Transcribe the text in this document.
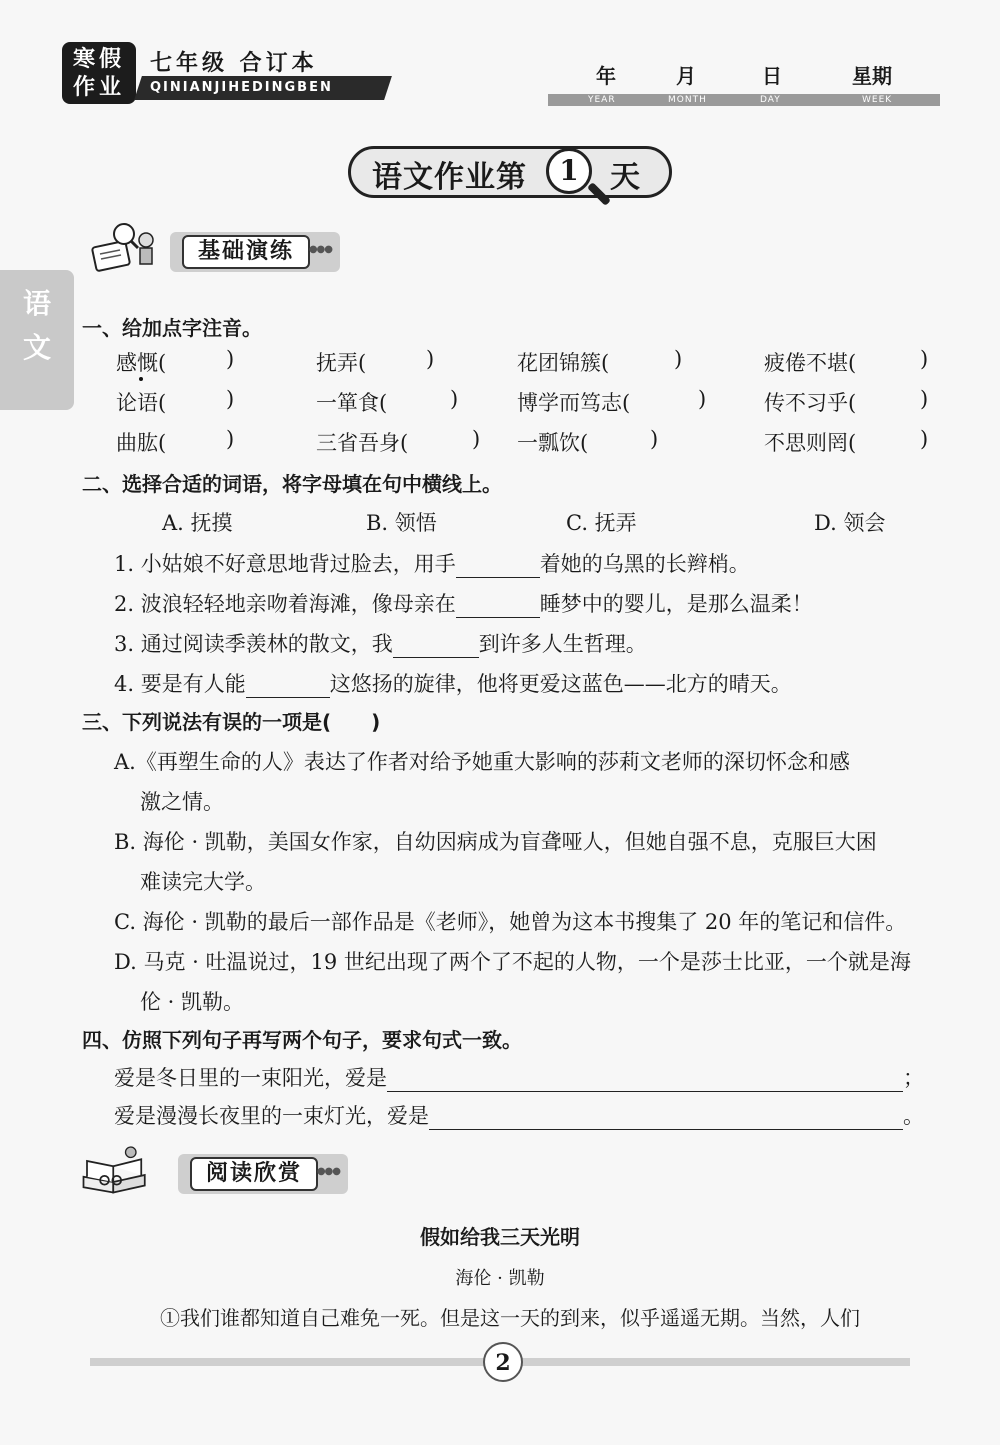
寒假
作业
七年级 合订本
QINIANJIHEDINGBEN	年	月	日	星期
YEAR	MONTH	DAY	WEEK
语
文
语文作业第	1	天
基础演练	●●●
一、给加点字注音。
感慨(	)	抚弄(	)	花团锦簇(	)	疲倦不堪(	)
论语(	)	一箪食(	)	博学而笃志(	)	传不习乎(	)
曲肱(	)	三省吾身(	) 一瓢饮(	)	不思则罔(	)
二、选择合适的词语，将字母填在句中横线上。
A. 抚摸	B. 领悟	C. 抚弄	D. 领会
1. 小姑娘不好意思地背过脸去，用手	着她的乌黑的长辫梢。
2. 波浪轻轻地亲吻着海滩，像母亲在	睡梦中的婴儿，是那么温柔！
3. 通过阅读季羡林的散文，我	到许多人生哲理。
4. 要是有人能	这悠扬的旋律，他将更爱这蓝色——北方的晴天。
三、下列说法有误的一项是(　　)
A.《再塑生命的人》表达了作者对给予她重大影响的莎莉文老师的深切怀念和感
激之情。
B. 海伦 · 凯勒，美国女作家，自幼因病成为盲聋哑人，但她自强不息，克服巨大困
难读完大学。
C. 海伦 · 凯勒的最后一部作品是《老师》，她曾为这本书搜集了 20 年的笔记和信件。
D. 马克 · 吐温说过，19 世纪出现了两个了不起的人物，一个是莎士比亚，一个就是海
伦 · 凯勒。
四、仿照下列句子再写两个句子，要求句式一致。
爱是冬日里的一束阳光，爱是	；
爱是漫漫长夜里的一束灯光，爱是	。
阅读欣赏	●●●
假如给我三天光明
海伦 · 凯勒
①我们谁都知道自己难免一死。但是这一天的到来，似乎遥遥无期。当然，人们
2
